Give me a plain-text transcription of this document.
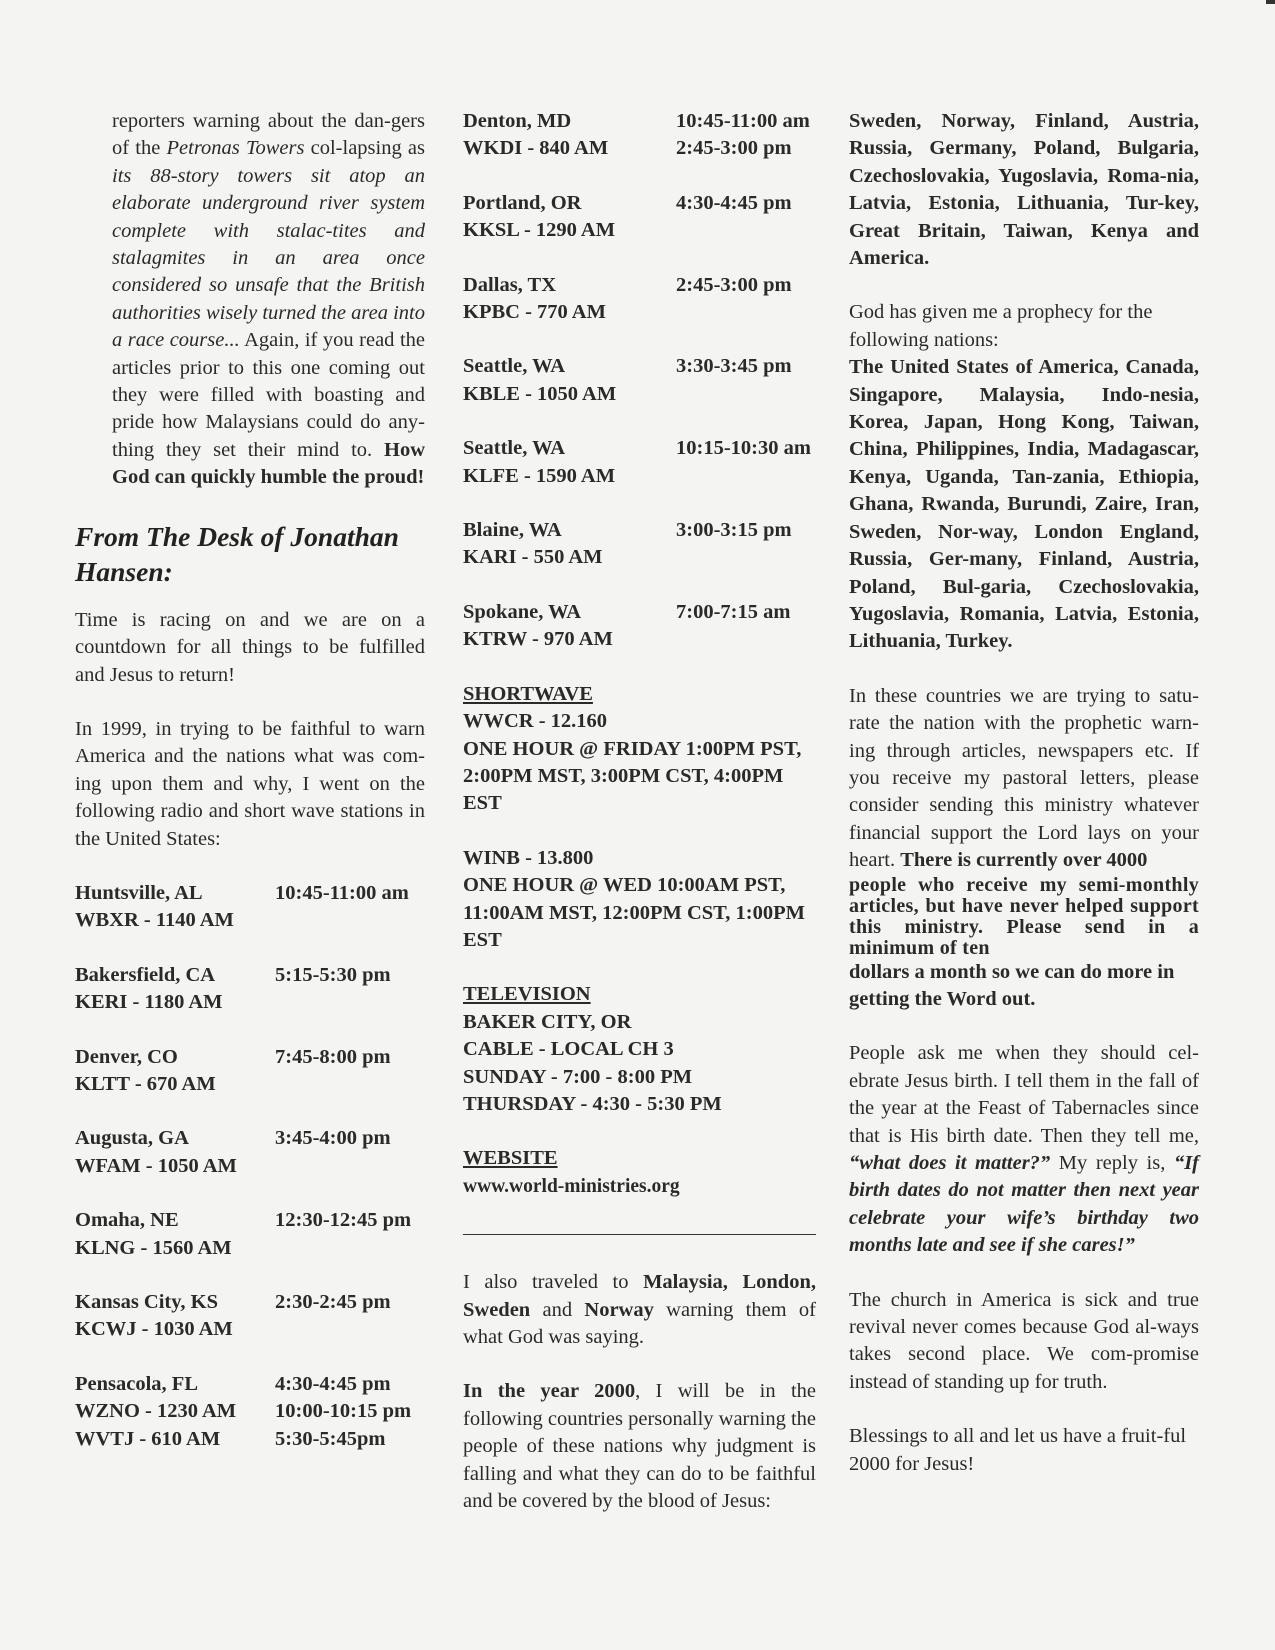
reporters warning about the dan-gers of the Petronas Towers col-lapsing as its 88-story towers sit atop an elaborate underground river system complete with stalac-tites and stalagmites in an area once considered so unsafe that the British authorities wisely turned the area into a race course... Again, if you read the articles prior to this one coming out they were filled with boasting and pride how Malaysians could do any-thing they set their mind to. How God can quickly humble the proud!

From The Desk of Jonathan Hansen:

Time is racing on and we are on a countdown for all things to be fulfilled and Jesus to return!

In 1999, in trying to be faithful to warn America and the nations what was com-ing upon them and why, I went on the following radio and short wave stations in the United States:

Huntsville, AL	10:45-11:00 am
WBXR - 1140 AM
Bakersfield, CA	5:15-5:30 pm
KERI - 1180 AM
Denver, CO	7:45-8:00 pm
KLTT - 670 AM
Augusta, GA	3:45-4:00 pm
WFAM - 1050 AM
Omaha, NE	12:30-12:45 pm
KLNG - 1560 AM
Kansas City, KS	2:30-2:45 pm
KCWJ - 1030 AM
Pensacola, FL	4:30-4:45 pm
WZNO - 1230 AM 10:00-10:15 pm
WVTJ - 610 AM	5:30-5:45pm
Denton, MD	10:45-11:00 am
WKDI - 840 AM	2:45-3:00 pm
Portland, OR	4:30-4:45 pm
KKSL - 1290 AM
Dallas, TX	2:45-3:00 pm
KPBC - 770 AM
Seattle, WA	3:30-3:45 pm
KBLE - 1050 AM
Seattle, WA	10:15-10:30 am
KLFE - 1590 AM
Blaine, WA	3:00-3:15 pm
KARI - 550 AM
Spokane, WA	7:00-7:15 am
KTRW - 970 AM
SHORTWAVE

WWCR - 12.160

ONE HOUR @ FRIDAY 1:00PM PST, 2:00PM MST, 3:00PM CST, 4:00PM EST

WINB - 13.800

ONE HOUR @ WED 10:00AM PST, 11:00AM MST, 12:00PM CST, 1:00PM EST

TELEVISION

BAKER CITY, OR

CABLE - LOCAL CH 3

SUNDAY - 7:00 - 8:00 PM

THURSDAY - 4:30 - 5:30 PM

WEBSITE

www.world-ministries.org

I also traveled to Malaysia, London, Sweden and Norway warning them of what God was saying.

In the year 2000, I will be in the following countries personally warning the people of these nations why judgment is falling and what they can do to be faithful and be covered by the blood of Jesus:

Sweden, Norway, Finland, Austria, Russia, Germany, Poland, Bulgaria, Czechoslovakia, Yugoslavia, Roma-nia, Latvia, Estonia, Lithuania, Tur-key, Great Britain, Taiwan, Kenya and America.

God has given me a prophecy for the following nations:

The United States of America, Canada, Singapore, Malaysia, Indo-nesia, Korea, Japan, Hong Kong, Taiwan, China, Philippines, India, Madagascar, Kenya, Uganda, Tan-zania, Ethiopia, Ghana, Rwanda, Burundi, Zaire, Iran, Sweden, Nor-way, London England, Russia, Ger-many, Finland, Austria, Poland, Bul-garia, Czechoslovakia, Yugoslavia, Romania, Latvia, Estonia, Lithuania, Turkey.

In these countries we are trying to satu-rate the nation with the prophetic warn-ing through articles, newspapers etc. If you receive my pastoral letters, please consider sending this ministry whatever financial support the Lord lays on your heart. There is currently over 4000

people who receive my semi-monthly articles, but have never helped support this ministry. Please send in a minimum of ten

dollars a month so we can do more in getting the Word out.

People ask me when they should cel-ebrate Jesus birth. I tell them in the fall of the year at the Feast of Tabernacles since that is His birth date. Then they tell me, “what does it matter?” My reply is, “If birth dates do not matter then next year celebrate your wife’s birthday two months late and see if she cares!”

The church in America is sick and true revival never comes because God al-ways takes second place. We com-promise instead of standing up for truth.

Blessings to all and let us have a fruit-ful 2000 for Jesus!
